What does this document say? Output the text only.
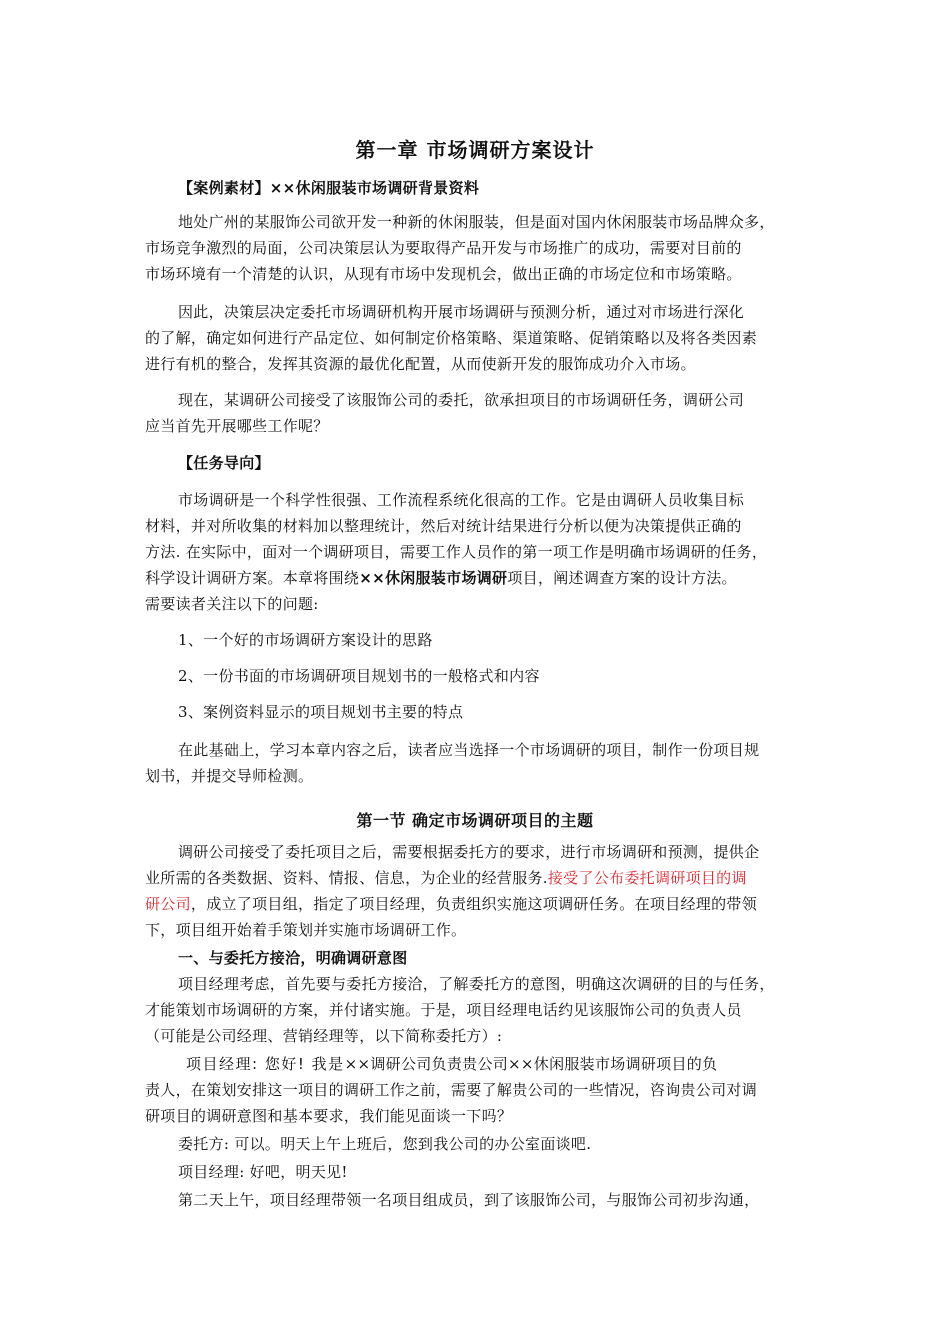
第一章 市场调研方案设计
【案例素材】××休闲服装市场调研背景资料
地处广州的某服饰公司欲开发一种新的休闲服装，但是面对国内休闲服装市场品牌众多，
市场竞争激烈的局面，公司决策层认为要取得产品开发与市场推广的成功，需要对目前的
市场环境有一个清楚的认识，从现有市场中发现机会，做出正确的市场定位和市场策略。
因此，决策层决定委托市场调研机构开展市场调研与预测分析，通过对市场进行深化
的了解，确定如何进行产品定位、如何制定价格策略、渠道策略、促销策略以及将各类因素
进行有机的整合，发挥其资源的最优化配置，从而使新开发的服饰成功介入市场。
现在，某调研公司接受了该服饰公司的委托，欲承担项目的市场调研任务，调研公司
应当首先开展哪些工作呢？
【任务导向】
市场调研是一个科学性很强、工作流程系统化很高的工作。它是由调研人员收集目标
材料，并对所收集的材料加以整理统计，然后对统计结果进行分析以便为决策提供正确的
方法. 在实际中，面对一个调研项目，需要工作人员作的第一项工作是明确市场调研的任务，
科学设计调研方案。本章将围绕××休闲服装市场调研项目，阐述调查方案的设计方法。
需要读者关注以下的问题:
1、一个好的市场调研方案设计的思路
2、一份书面的市场调研项目规划书的一般格式和内容
3、案例资料显示的项目规划书主要的特点
在此基础上，学习本章内容之后，读者应当选择一个市场调研的项目，制作一份项目规
划书，并提交导师检测。
第一节 确定市场调研项目的主题
调研公司接受了委托项目之后，需要根据委托方的要求，进行市场调研和预测，提供企
业所需的各类数据、资料、情报、信息，为企业的经营服务.接受了公布委托调研项目的调
研公司，成立了项目组，指定了项目经理，负责组织实施这项调研任务。在项目经理的带领
下，项目组开始着手策划并实施市场调研工作。
一、与委托方接洽，明确调研意图
项目经理考虑，首先要与委托方接洽，了解委托方的意图，明确这次调研的目的与任务，
才能策划市场调研的方案，并付诸实施。于是，项目经理电话约见该服饰公司的负责人员
（可能是公司经理、营销经理等，以下简称委托方）:
项目经理: 您好! 我是××调研公司负责贵公司××休闲服装市场调研项目的负
责人，在策划安排这一项目的调研工作之前，需要了解贵公司的一些情况，咨询贵公司对调
研项目的调研意图和基本要求，我们能见面谈一下吗？
委托方: 可以。明天上午上班后，您到我公司的办公室面谈吧.
项目经理: 好吧，明天见!
第二天上午，项目经理带领一名项目组成员，到了该服饰公司，与服饰公司初步沟通，
